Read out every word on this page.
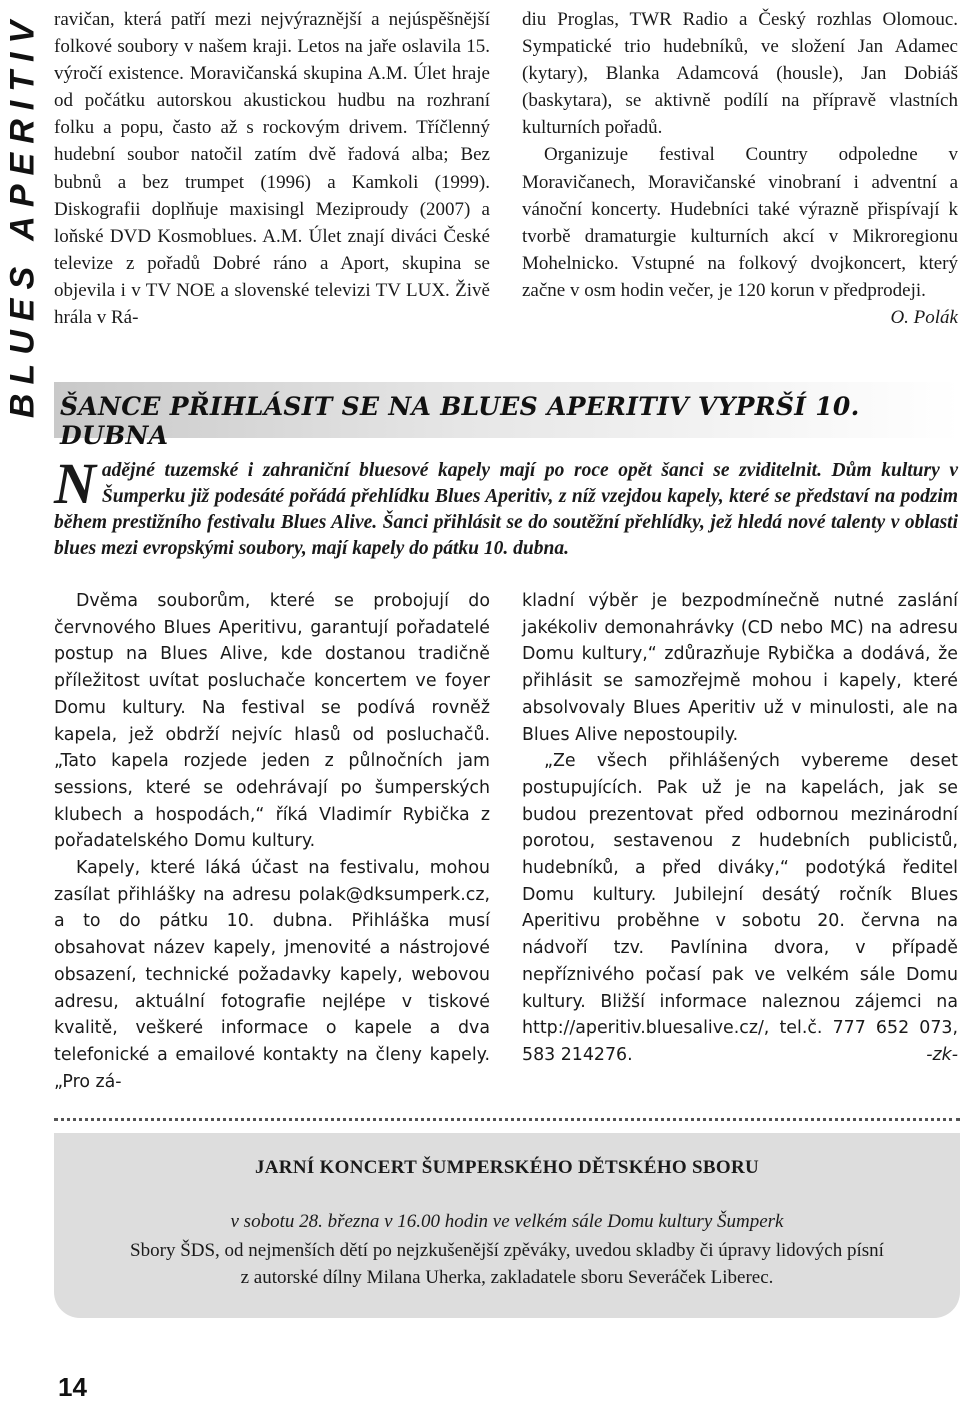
BLUES APERITIV ravičan, která patří mezi nejvýraznější a nejúspěšnější folkové soubory v našem kraji. Letos na jaře oslavila 15. výročí existence. Moravičanská skupina A.M. Úlet hraje od počátku autorskou akustickou hudbu na rozhraní folku a popu, často až s rockovým drivem. Tříčlenný hudební soubor natočil zatím dvě řadová alba; Bez bubnů a bez trumpet (1996) a Kamkoli (1999). Diskografii doplňuje maxisingl Meziproudy (2007) a loňské DVD Kosmoblues. A.M. Úlet znají diváci České televize z pořadů Dobré ráno a Aport, skupina se objevila i v TV NOE a slovenské televizi TV LUX. Živě hrála v Rá-

diu Proglas, TWR Radio a Český rozhlas Olomouc. Sympatické trio hudebníků, ve složení Jan Adamec (kytary), Blanka Adamcová (housle), Jan Dobiáš (baskytara), se aktivně podílí na přípravě vlastních kulturních pořadů.

Organizuje festival Country odpoledne v Moravičanech, Moravičanské vinobraní i adventní a vánoční koncerty. Hudebníci také výrazně přispívají k tvorbě dramaturgie kulturních akcí v Mikroregionu Mohelnicko. Vstupné na folkový dvojkoncert, který začne v osm hodin večer, je 120 korun v předprodeji.
O. Polák

ŠANCE PŘIHLÁSIT SE NA BLUES APERITIV VYPRŠÍ 10. DUBNA
Nadějné tuzemské i zahraniční bluesové kapely mají po roce opět šanci se zviditelnit. Dům kultury v Šumperku již podesáté pořádá přehlídku Blues Aperitiv, z níž vzejdou kapely, které se představí na podzim během prestižního festivalu Blues Alive. Šanci přihlásit se do soutěžní přehlídky, jež hledá nové talenty v oblasti blues mezi evropskými soubory, mají kapely do pátku 10. dubna.

Dvěma souborům, které se probojují do červnového Blues Aperitivu, garantují pořadatelé postup na Blues Alive, kde dostanou tradičně příležitost uvítat posluchače koncertem ve foyer Domu kultury. Na festival se podívá rovněž kapela, jež obdrží nejvíc hlasů od posluchačů. „Tato kapela rozjede jeden z půlnočních jam sessions, které se odehrávají po šumperských klubech a hospodách,“ říká Vladimír Rybička z pořadatelského Domu kultury.

Kapely, které láká účast na festivalu, mohou zasílat přihlášky na adresu polak@dksumperk.cz, a to do pátku 10. dubna. Přihláška musí obsahovat název kapely, jmenovité a nástrojové obsazení, technické požadavky kapely, webovou adresu, aktuální fotografie nejlépe v tiskové kvalitě, veškeré informace o kapele a dva telefonické a emailové kontakty na členy kapely. „Pro zá-

kladní výběr je bezpodmínečně nutné zaslání jakékoliv demonahrávky (CD nebo MC) na adresu Domu kultury,“ zdůrazňuje Rybička a dodává, že přihlásit se samozřejmě mohou i kapely, které absolvovaly Blues Aperitiv už v minulosti, ale na Blues Alive nepostoupily.

„Ze všech přihlášených vybereme deset postupujících. Pak už je na kapelách, jak se budou prezentovat před odbornou mezinárodní porotou, sestavenou z hudebních publicistů, hudebníků, a před diváky,“ podotýká ředitel Domu kultury. Jubilejní desátý ročník Blues Aperitivu proběhne v sobotu 20. června na nádvoří tzv. Pavlínina dvora, v případě nepříznivého počasí pak ve velkém sále Domu kultury. Bližší informace naleznou zájemci na http://aperitiv.bluesalive.cz/, tel.č. 777 652 073, 583 214276.	-zk-

JARNÍ KONCERT ŠUMPERSKÉHO DĚTSKÉHO SBORU
v sobotu 28. března v 16.00 hodin ve velkém sále Domu kultury Šumperk
Sbory ŠDS, od nejmenších dětí po nejzkušenější zpěváky, uvedou skladby či úpravy lidových písní z autorské dílny Milana Uherka, zakladatele sboru Severáček Liberec.
14
